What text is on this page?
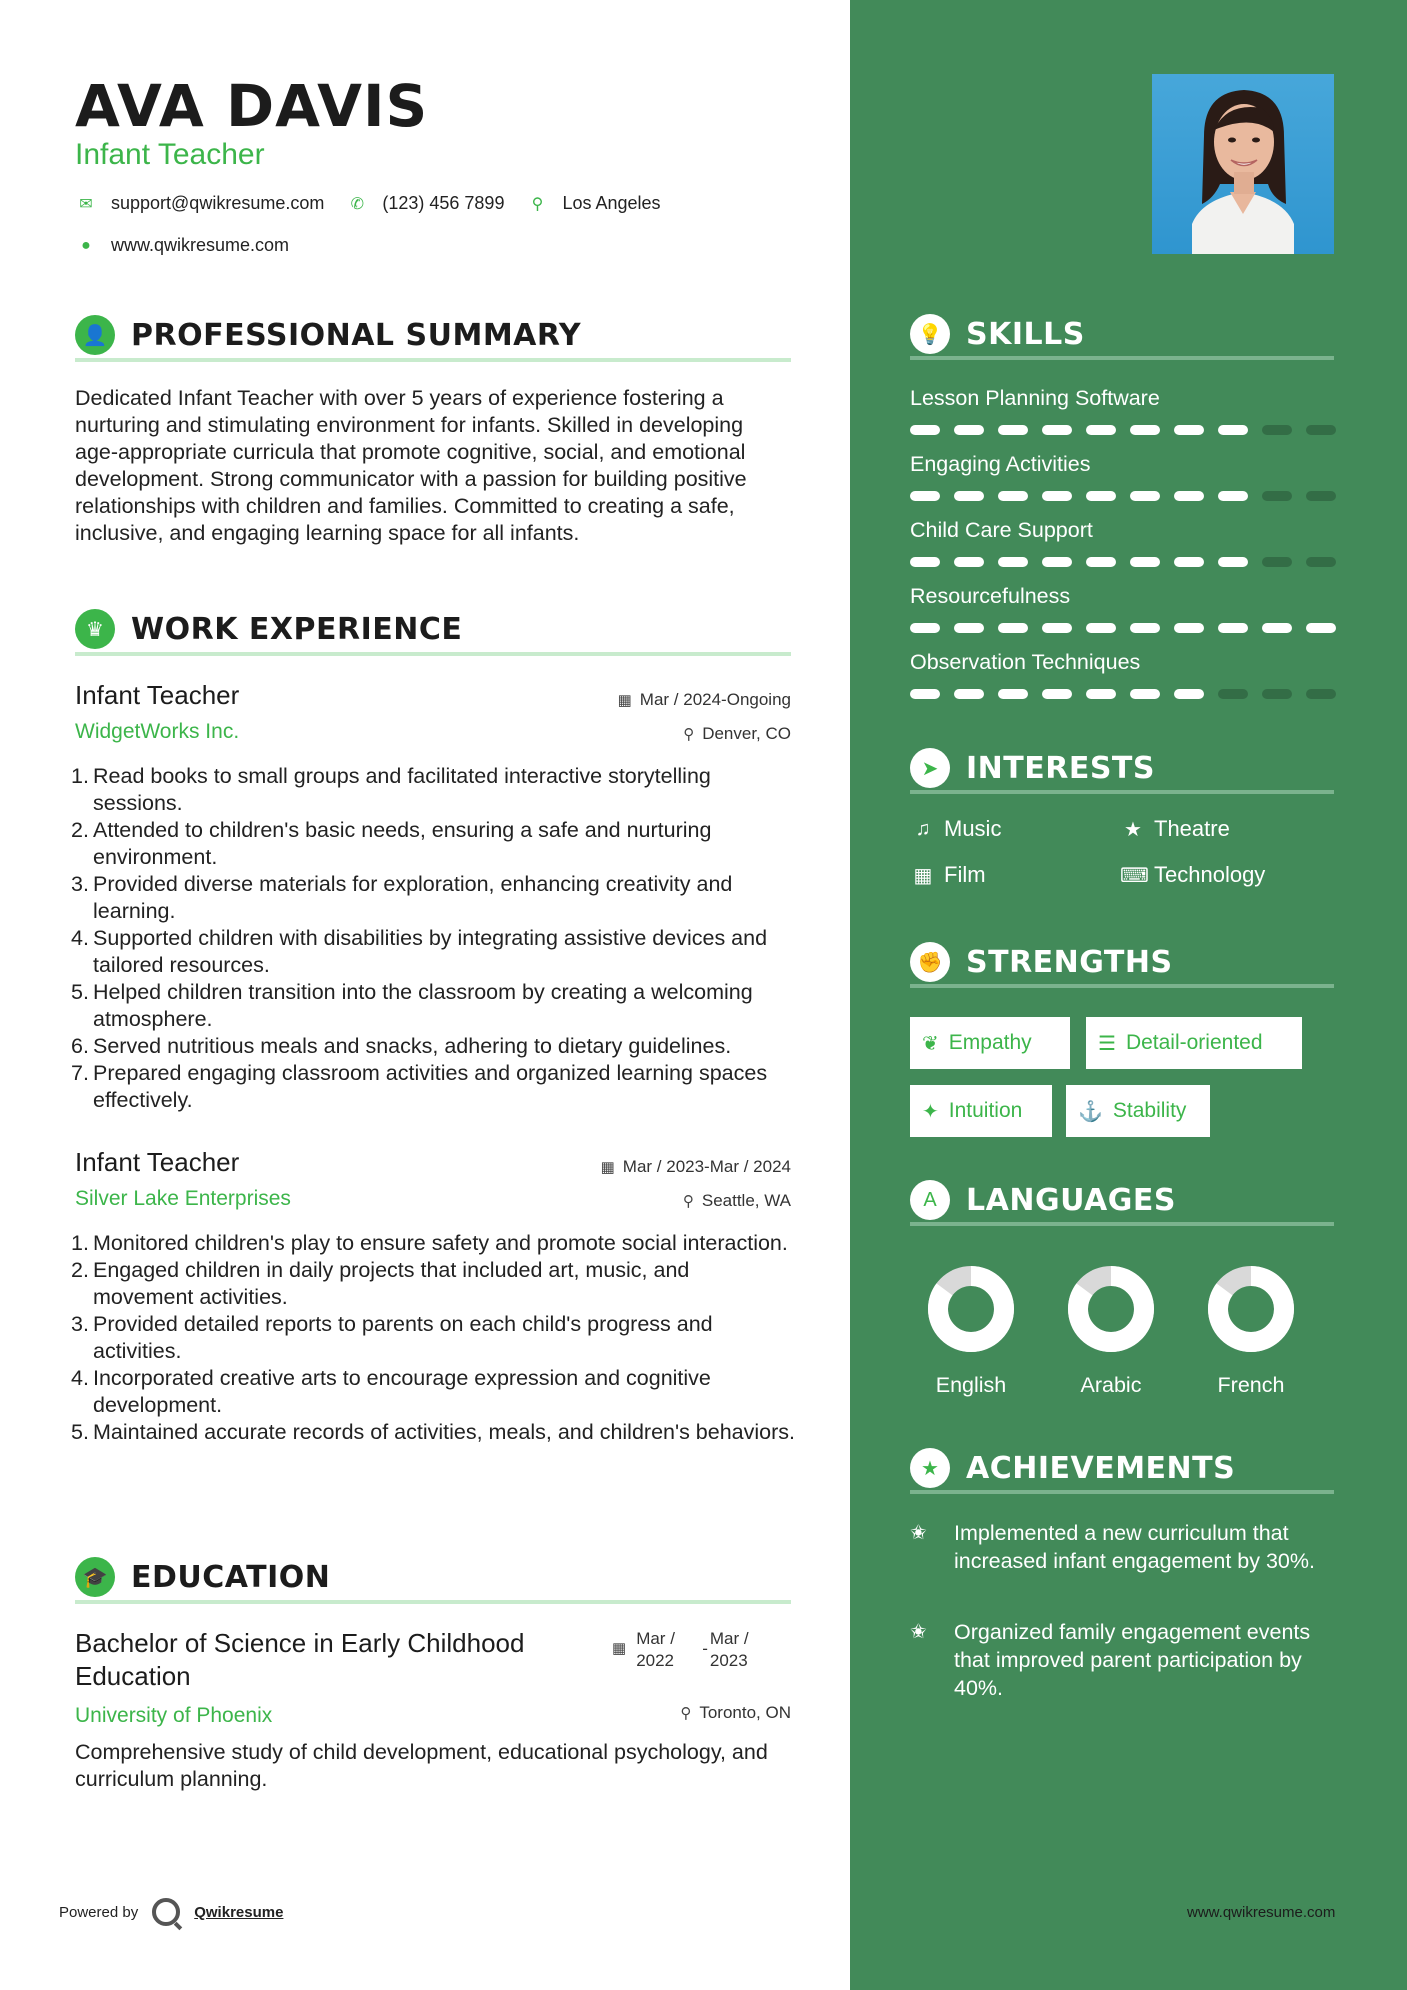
AVA DAVIS
Infant Teacher
✉ support@qwikresume.com ✆ (123) 456 7899	⚲ Los Angeles
●	www.qwikresume.com
👤 PROFESSIONAL SUMMARY
Dedicated Infant Teacher with over 5 years of experience fostering a nurturing and stimulating environment for infants. Skilled in developing age-appropriate curricula that promote cognitive, social, and emotional development. Strong communicator with a passion for building positive relationships with children and families. Committed to creating a safe, inclusive, and engaging learning space for all infants.
♛ WORK EXPERIENCE
Infant Teacher	▦ Mar / 2024-Ongoing
WidgetWorks Inc.	⚲ Denver, CO
1. Read books to small groups and facilitated interactive storytelling sessions.
2. Attended to children's basic needs, ensuring a safe and nurturing environment.
3. Provided diverse materials for exploration, enhancing creativity and learning.
4. Supported children with disabilities by integrating assistive devices and tailored resources.
5. Helped children transition into the classroom by creating a welcoming atmosphere.
6. Served nutritious meals and snacks, adhering to dietary guidelines.
7. Prepared engaging classroom activities and organized learning spaces effectively.
Infant Teacher	▦ Mar / 2023-Mar / 2024
Silver Lake Enterprises	⚲ Seattle, WA
1. Monitored children's play to ensure safety and promote social interaction.
2. Engaged children in daily projects that included art, music, and movement activities.
3. Provided detailed reports to parents on each child's progress and activities.
4. Incorporated creative arts to encourage expression and cognitive development.
5. Maintained accurate records of activities, meals, and children's behaviors.
🎓 EDUCATION
Bachelor of Science in Early Childhood Education
▦
Mar / 2022
-
Mar / 2023
University of Phoenix	⚲ Toronto, ON
Comprehensive study of child development, educational psychology, and curriculum planning.
Powered by	Qwikresume
💡 SKILLS
Lesson Planning Software
Engaging Activities
Child Care Support
Resourcefulness
Observation Techniques
➤ INTERESTS
♫ Music	★ Theatre
▦ Film	⌨ Technology
✊ STRENGTHS
❦ Empathy	☰ Detail-oriented
✦ Intuition	⚓ Stability
A LANGUAGES
English	Arabic	French
★ ACHIEVEMENTS
✬	Implemented a new curriculum that increased infant engagement by 30%.
✬	Organized family engagement events that improved parent participation by 40%.
www.qwikresume.com
